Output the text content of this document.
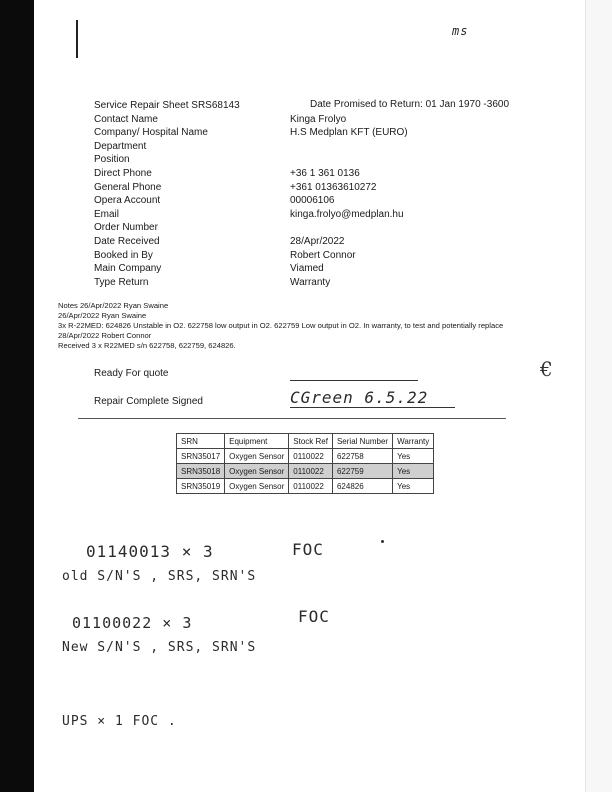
ms
Service Repair Sheet SRS68143
Contact Name	Kinga Frolyo
Company/ Hospital Name	H.S Medplan KFT (EURO)
Department
Position
Direct Phone	+36 1 361 0136
General Phone	+361 01363610272
Opera Account	00006106
Email	kinga.frolyo@medplan.hu
Order Number
Date Received	28/Apr/2022
Booked in By	Robert Connor
Main Company	Viamed
Type Return	Warranty
Date Promised to Return: 01 Jan 1970 -3600
Notes 26/Apr/2022 Ryan Swaine
26/Apr/2022 Ryan Swaine
3x R-22MED: 624826 Unstable in O2. 622758 low output in O2. 622759 Low output in O2. In warranty, to test and potentially replace
28/Apr/2022 Robert Connor
Received 3 x R22MED s/n 622758, 622759, 624826.
Ready For quote	€
Repair Complete Signed	CGreen 6.5.22
SRN	Equipment	Stock Ref	Serial Number	Warranty
SRN35017	Oxygen Sensor	0110022	622758	Yes
SRN35018	Oxygen Sensor	0110022	622759	Yes
SRN35019	Oxygen Sensor	0110022	624826	Yes
01140013 × 3	FOC
old S/N'S , SRS, SRN'S
01100022 × 3	FOC
New S/N'S , SRS, SRN'S
UPS × 1 FOC .
